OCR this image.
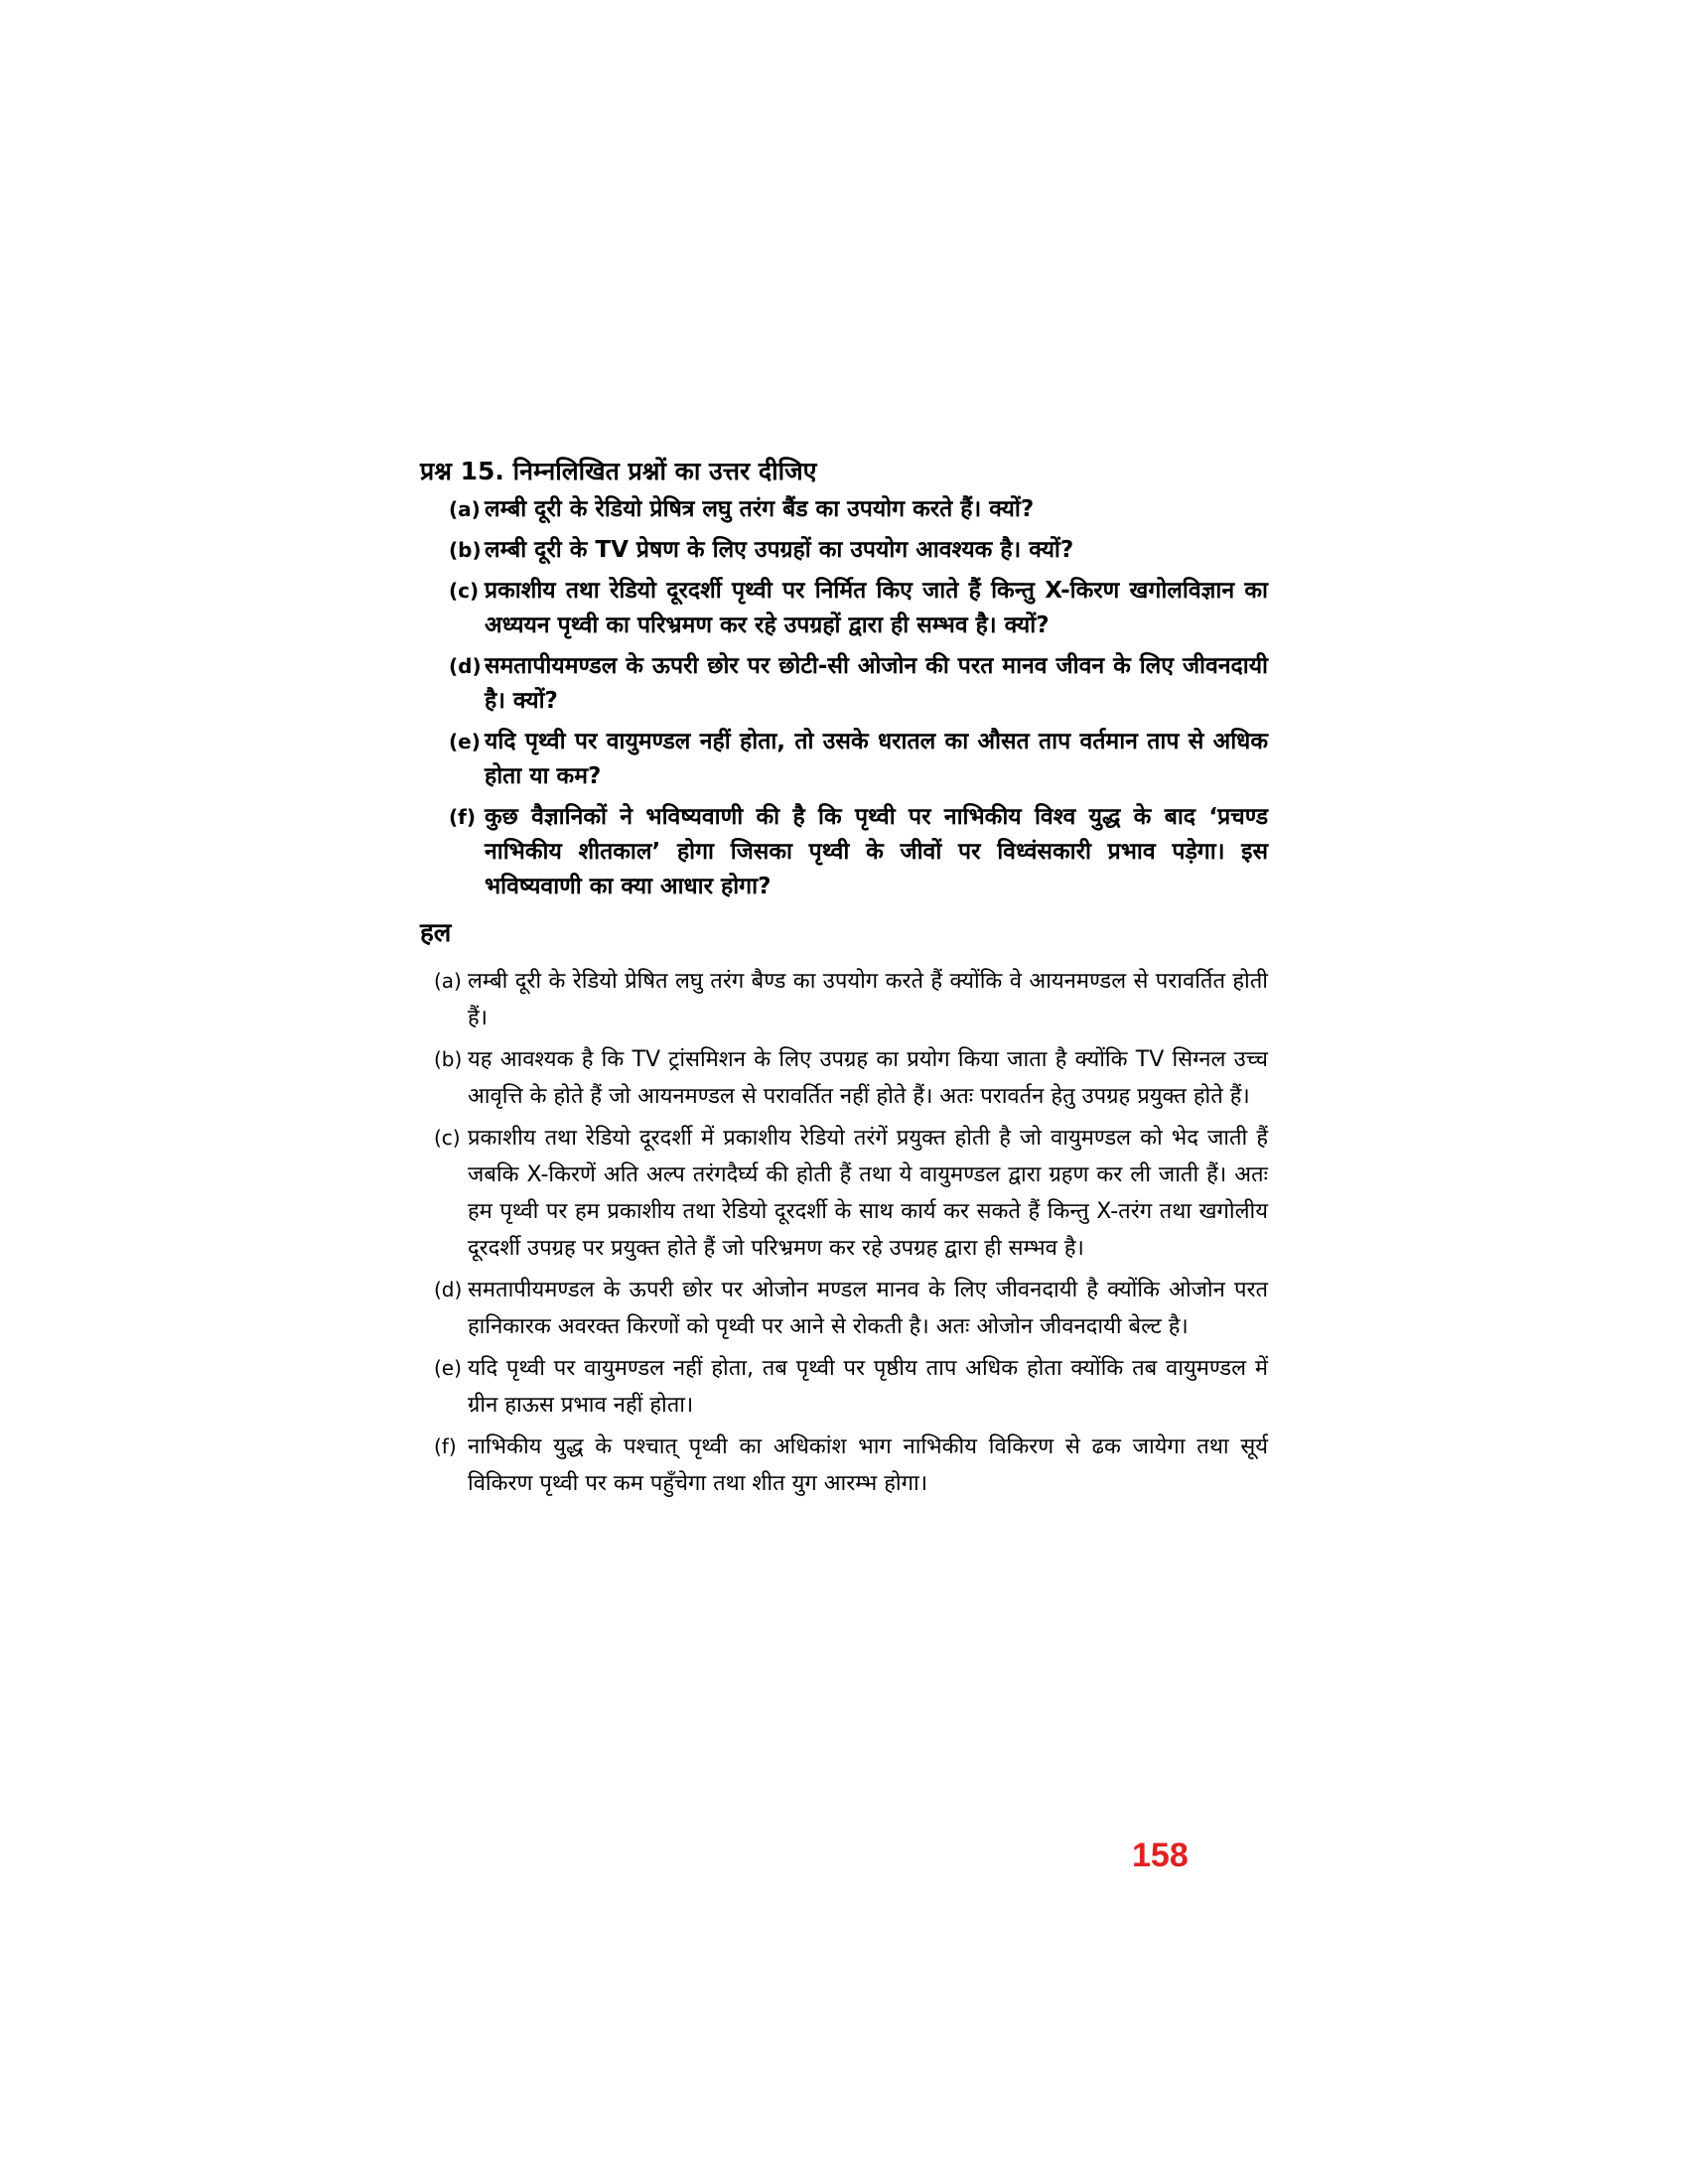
प्रश्न 15. निम्नलिखित प्रश्नों का उत्तर दीजिए
(a) लम्बी दूरी के रेडियो प्रेषित्र लघु तरंग बैंड का उपयोग करते हैं। क्यों?
(b) लम्बी दूरी के TV प्रेषण के लिए उपग्रहों का उपयोग आवश्यक है। क्यों?
(c) प्रकाशीय तथा रेडियो दूरदर्शी पृथ्वी पर निर्मित किए जाते हैं किन्तु X-किरण खगोलविज्ञान का अध्ययन पृथ्वी का परिभ्रमण कर रहे उपग्रहों द्वारा ही सम्भव है। क्यों?
(d) समतापीयमण्डल के ऊपरी छोर पर छोटी-सी ओजोन की परत मानव जीवन के लिए जीवनदायी है। क्यों?
(e) यदि पृथ्वी पर वायुमण्डल नहीं होता, तो उसके धरातल का औसत ताप वर्तमान ताप से अधिक होता या कम?
(f) कुछ वैज्ञानिकों ने भविष्यवाणी की है कि पृथ्वी पर नाभिकीय विश्व युद्ध के बाद ‘प्रचण्ड नाभिकीय शीतकाल’ होगा जिसका पृथ्वी के जीवों पर विध्वंसकारी प्रभाव पड़ेगा। इस भविष्यवाणी का क्या आधार होगा?
हल
(a) लम्बी दूरी के रेडियो प्रेषित लघु तरंग बैण्ड का उपयोग करते हैं क्योंकि वे आयनमण्डल से परावर्तित होती हैं।
(b) यह आवश्यक है कि TV ट्रांसमिशन के लिए उपग्रह का प्रयोग किया जाता है क्योंकि TV सिग्नल उच्च आवृत्ति के होते हैं जो आयनमण्डल से परावर्तित नहीं होते हैं। अतः परावर्तन हेतु उपग्रह प्रयुक्त होते हैं।
(c) प्रकाशीय तथा रेडियो दूरदर्शी में प्रकाशीय रेडियो तरंगें प्रयुक्त होती है जो वायुमण्डल को भेद जाती हैं जबकि X-किरणें अति अल्प तरंगदैर्घ्य की होती हैं तथा ये वायुमण्डल द्वारा ग्रहण कर ली जाती हैं। अतः हम पृथ्वी पर हम प्रकाशीय तथा रेडियो दूरदर्शी के साथ कार्य कर सकते हैं किन्तु X-तरंग तथा खगोलीय दूरदर्शी उपग्रह पर प्रयुक्त होते हैं जो परिभ्रमण कर रहे उपग्रह द्वारा ही सम्भव है।
(d) समतापीयमण्डल के ऊपरी छोर पर ओजोन मण्डल मानव के लिए जीवनदायी है क्योंकि ओजोन परत हानिकारक अवरक्त किरणों को पृथ्वी पर आने से रोकती है। अतः ओजोन जीवनदायी बेल्ट है।
(e) यदि पृथ्वी पर वायुमण्डल नहीं होता, तब पृथ्वी पर पृष्ठीय ताप अधिक होता क्योंकि तब वायुमण्डल में ग्रीन हाऊस प्रभाव नहीं होता।
(f) नाभिकीय युद्ध के पश्चात् पृथ्वी का अधिकांश भाग नाभिकीय विकिरण से ढक जायेगा तथा सूर्य विकिरण पृथ्वी पर कम पहुँचेगा तथा शीत युग आरम्भ होगा।
158
